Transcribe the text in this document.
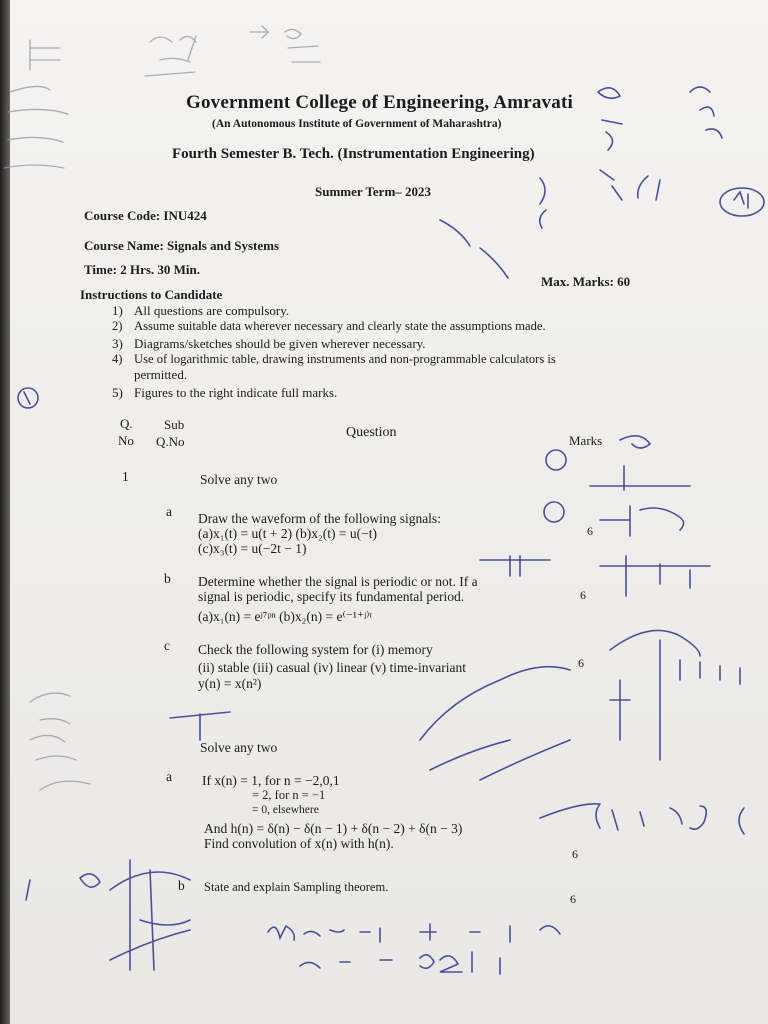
Government College of Engineering, Amravati
(An Autonomous Institute of Government of Maharashtra)
Fourth Semester B. Tech. (Instrumentation Engineering)
Summer Term– 2023
Course Code: INU424
Course Name: Signals and Systems
Time: 2 Hrs. 30 Min.
Max. Marks: 60
Instructions to Candidate
1) All questions are compulsory.
2) Assume suitable data wherever necessary and clearly state the assumptions made.
3) Diagrams/sketches should be given wherever necessary.
4) Use of logarithmic table, drawing instruments and non-programmable calculators is
permitted.
5) Figures to the right indicate full marks.
Q.
No
Sub
Q.No
Question
Marks
1	Solve any two
a Draw the waveform of the following signals:
(a)x₁(t) = u(t + 2) (b)x₂(t) = u(−t)
(c)x₃(t) = u(−2t − 1)
6
b Determine whether the signal is periodic or not. If a
signal is periodic, specify its fundamental period.
(a)x₁(n) = eʲ⁷ᵖⁿ (b)x₂(n) = e⁽⁻¹⁺ʲ⁾ᵗ
6
c Check the following system for (i) memory
(ii) stable (iii) casual (iv) linear (v) time-invariant
y(n) = x(n²)
6
Solve any two
a If x(n) = 1, for n = −2,0,1
= 2, for n = −1
= 0, elsewhere
And h(n) = δ(n) − δ(n − 1) + δ(n − 2) + δ(n − 3)
Find convolution of x(n) with h(n).
6
b State and explain Sampling theorem.
6
